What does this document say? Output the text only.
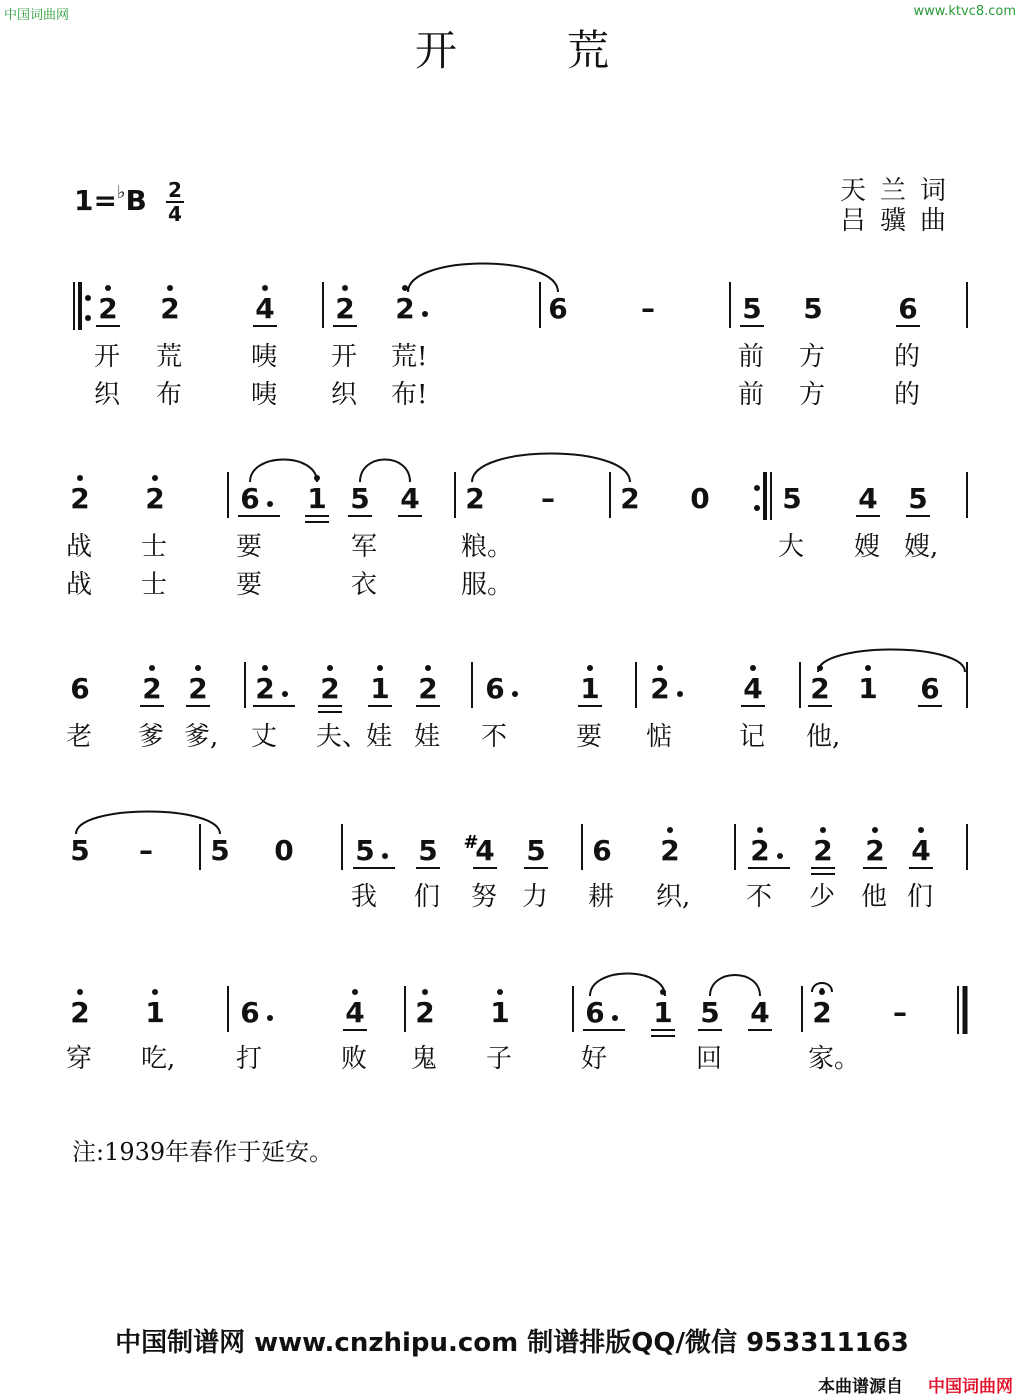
中国词曲网	www.ktvc8.com
开荒
1=♭B 2
4
天兰词
吕骥曲
2 2	4 2 2	6	–	5 5	6
2 2	6 1 5 4 2 – 2 0	5 4 5
6 2 2 2 2 1 2 6	1 2	4 2 1 6
5 – 5 0 5 5 4
# 5 6 2	2 2 2 4
2 1	6	4 2 1	6 1 5 4 2 –
开 荒	咦 开 荒!	前 方	的
织 布	咦 织 布!	前 方	的
战 士	要	军	粮。	大 嫂 嫂,
战 士	要	衣	服。
老 爹 爹, 丈 夫、
娃 娃 不	要 惦	记 他,
我 们 努 力 耕 织, 不 少 他 们
穿 吃, 打	败 鬼 子	好	回	家。
注:1939年春作于延安。
中国制谱网 www.cnzhipu.com 制谱排版QQ/微信 953311163
本曲谱源自 中国词曲网
